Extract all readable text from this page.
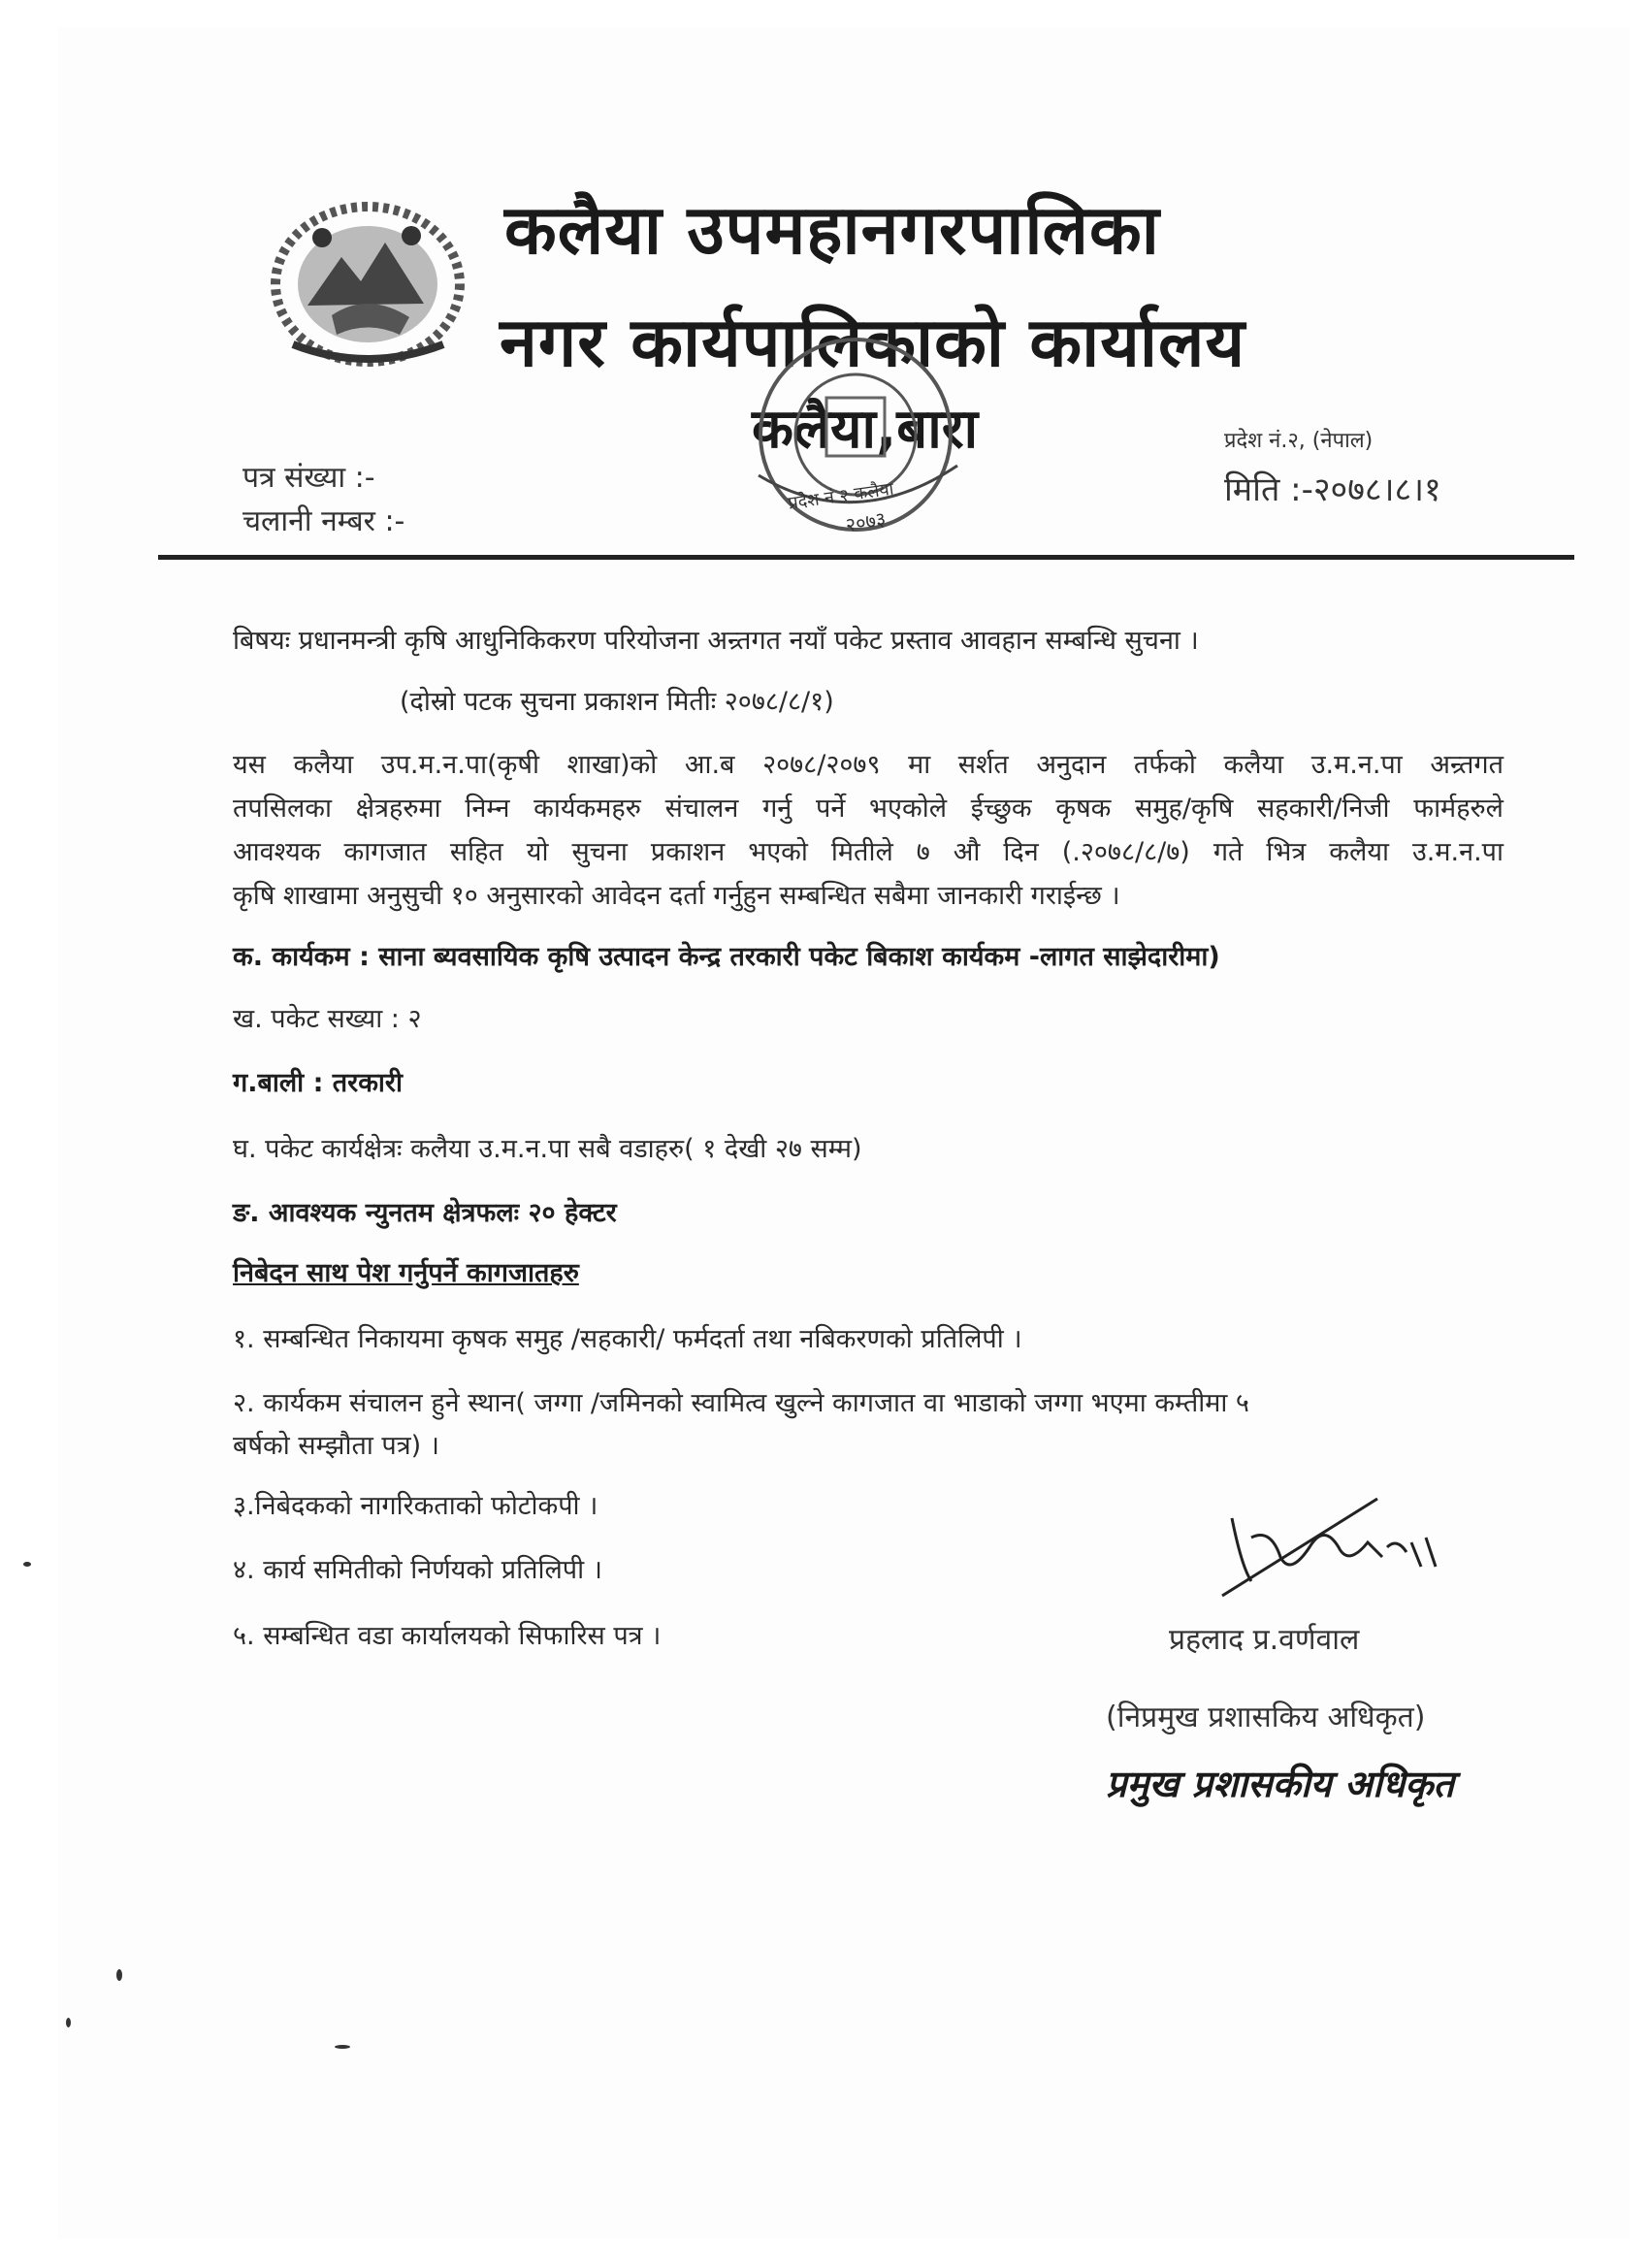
कलैया उपमहानगरपालिका
नगर कार्यपालिकाको कार्यालय
कलैया,बारा
प्रदेश नं २ कलैया
२०७३
पत्र संख्या :-
चलानी नम्बर :-
प्रदेश नं.२, (नेपाल)
मिति :-२०७८।८।१
बिषयः प्रधानमन्त्री कृषि आधुनिकिकरण परियोजना अन्र्तगत नयाँ पकेट प्रस्ताव आवहान सम्बन्धि सुचना ।
(दोस्रो पटक सुचना प्रकाशन मितीः २०७८/८/१)
यस कलैया उप.म.न.पा(कृषी शाखा)को आ.ब २०७८/२०७९ मा सर्शत अनुदान तर्फको कलैया उ.म.न.पा अन्र्तगत
तपसिलका क्षेत्रहरुमा निम्न कार्यकमहरु संचालन गर्नु पर्ने भएकोले ईच्छुक कृषक समुह/कृषि सहकारी/निजी फार्महरुले
आवश्यक कागजात सहित यो सुचना प्रकाशन भएको मितीले ७ औ दिन (.२०७८/८/७) गते भित्र कलैया उ.म.न.पा
कृषि शाखामा अनुसुची १० अनुसारको आवेदन दर्ता गर्नुहुन सम्बन्धित सबैमा जानकारी गराईन्छ ।
क. कार्यकम : साना ब्यवसायिक कृषि उत्पादन केन्द्र तरकारी पकेट बिकाश कार्यकम -लागत साझेदारीमा)
ख. पकेट सख्या : २
ग.बाली : तरकारी
घ. पकेट कार्यक्षेत्रः कलैया उ.म.न.पा सबै वडाहरु( १ देखी २७ सम्म)
ङ. आवश्यक न्युनतम क्षेत्रफलः २० हेक्टर
निबेदन साथ पेश गर्नुपर्ने कागजातहरु
१. सम्बन्धित निकायमा कृषक समुह /सहकारी/ फर्मदर्ता तथा नबिकरणको प्रतिलिपी ।
२. कार्यकम संचालन हुने स्थान( जग्गा /जमिनको स्वामित्व खुल्ने कागजात वा भाडाको जग्गा भएमा कम्तीमा ५
बर्षको सम्झौता पत्र) ।
३.निबेदकको नागरिकताको फोटोकपी ।
४. कार्य समितीको निर्णयको प्रतिलिपी ।
५. सम्बन्धित वडा कार्यालयको सिफारिस पत्र ।	प्रहलाद प्र.वर्णवाल
(निप्रमुख प्रशासकिय अधिकृत)
प्रमुख प्रशासकीय अधिकृत
